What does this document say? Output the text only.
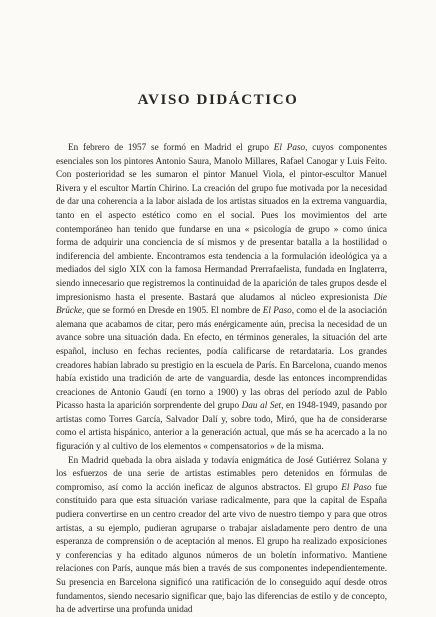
AVISO DIDÁCTICO

En febrero de 1957 se formó en Madrid el grupo El Paso, cuyos componentes esenciales son los pintores Antonio Saura, Manolo Millares, Rafael Canogar y Luis Feito. Con posterioridad se les sumaron el pintor Manuel Viola, el pintor-escultor Manuel Rivera y el escultor Martín Chirino. La creación del grupo fue motivada por la necesidad de dar una coherencia a la labor aislada de los artistas situados en la extrema vanguardia, tanto en el aspecto estético como en el social. Pues los movimientos del arte contemporáneo han tenido que fundarse en una « psicología de grupo » como única forma de adquirir una conciencia de sí mismos y de presentar batalla a la hostilidad o indiferencia del ambiente. Encontramos esta tendencia a la formulación ideológica ya a mediados del siglo XIX con la famosa Hermandad Prerrafaelista, fundada en Inglaterra, siendo innecesario que registremos la continuidad de la aparición de tales grupos desde el impresionismo hasta el presente. Bastará que aludamos al núcleo expresionista Die Brücke, que se formó en Dresde en 1905. El nombre de El Paso, como el de la asociación alemana que acabamos de citar, pero más enérgicamente aún, precisa la necesidad de un avance sobre una situación dada. En efecto, en términos generales, la situación del arte español, incluso en fechas recientes, podía calificarse de retardataria. Los grandes creadores habían labrado su prestigio en la escuela de París. En Barcelona, cuando menos había existido una tradición de arte de vanguardia, desde las entonces incomprendidas creaciones de Antonio Gaudí (en torno a 1900) y las obras del período azul de Pablo Picasso hasta la aparición sorprendente del grupo Dau al Set, en 1948-1949, pasando por artistas como Torres García, Salvador Dalí y, sobre todo, Miró, que ha de considerarse como el artista hispánico, anterior a la generación actual, que más se ha acercado a la no figuración y al cultivo de los elementos « compensatorios » de la misma.

En Madrid quebada la obra aislada y todavía enigmática de José Gutiérrez Solana y los esfuerzos de una serie de artistas estimables pero detenidos en fórmulas de compromiso, así como la acción ineficaz de algunos abstractos. El grupo El Paso fue constituido para que esta situación variase radicalmente, para que la capital de España pudiera convertirse en un centro creador del arte vivo de nuestro tiempo y para que otros artistas, a su ejemplo, pudieran agruparse o trabajar aisladamente pero dentro de una esperanza de comprensión o de aceptación al menos. El grupo ha realizado exposiciones y conferencias y ha editado algunos números de un boletín informativo. Mantiene relaciones con París, aunque más bien a través de sus componentes independientemente. Su presencia en Barcelona significó una ratificación de lo conseguido aquí desde otros fundamentos, siendo necesario significar que, bajo las diferencias de estilo y de concepto, ha de advertirse una profunda unidad
